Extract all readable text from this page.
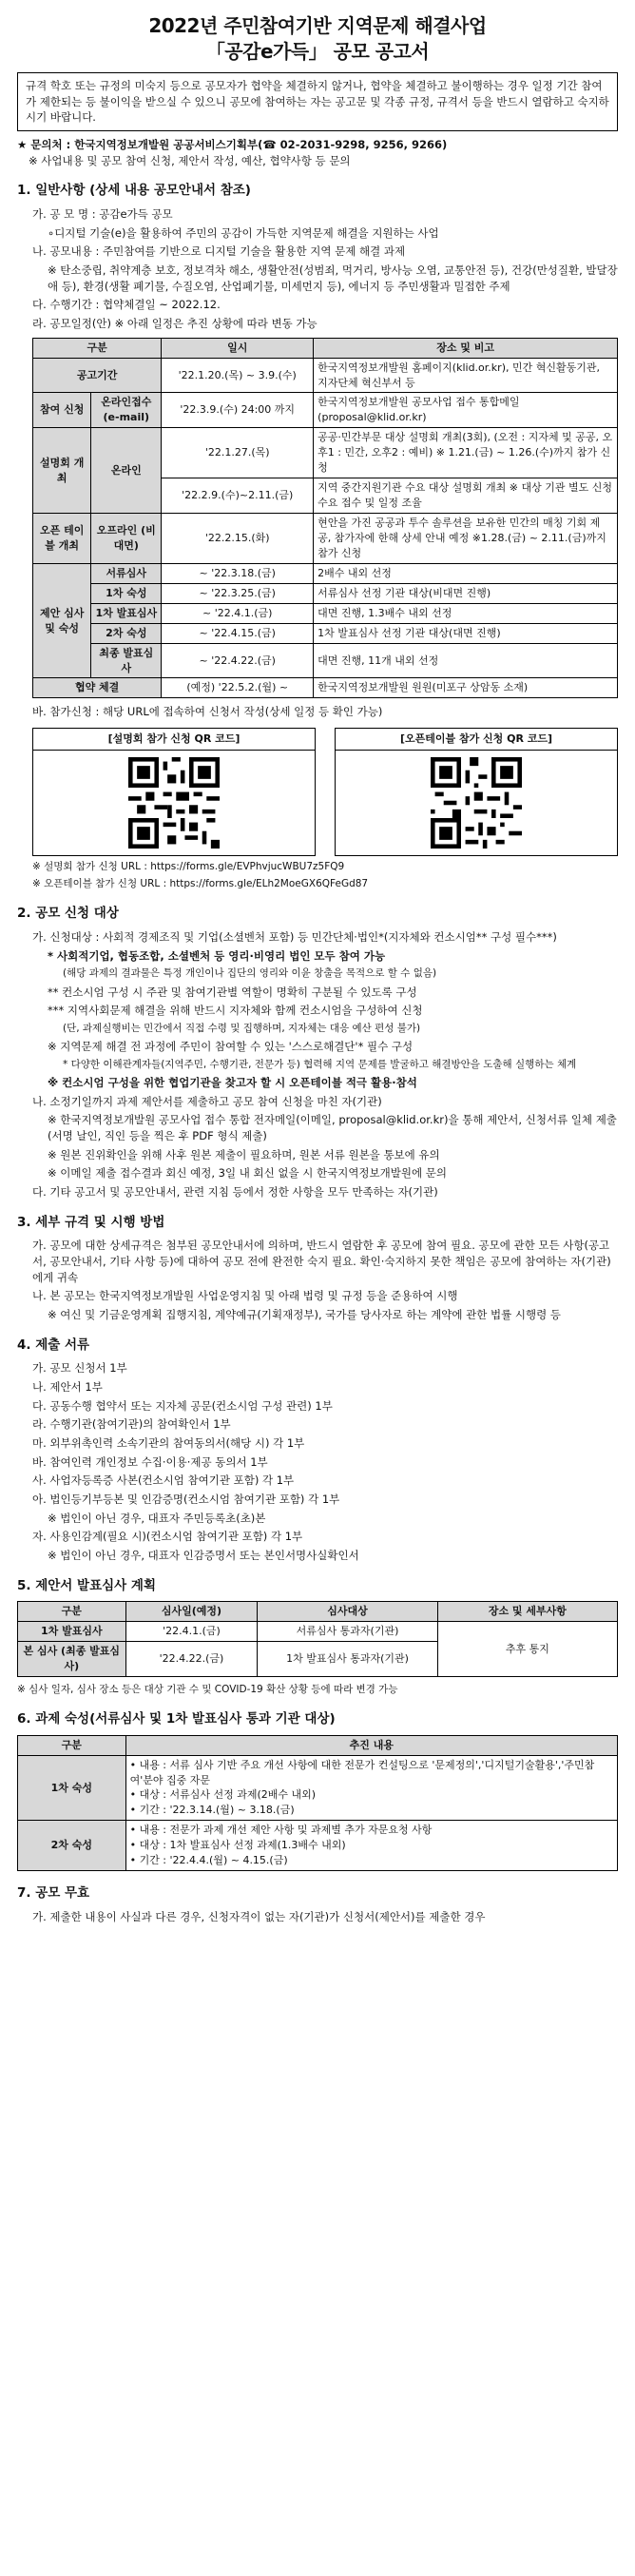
2022년 주민참여기반 지역문제 해결사업
「공감e가득」 공모 공고서
규격 학호 또는 규정의 미숙지 등으로 공모자가 협약을 체결하지 않거나, 협약을 체결하고 불이행하는 경우 일정 기간 참여가 제한되는 등 불이익을 받으실 수 있으니 공모에 참여하는 자는 공고문 및 각종 규정, 규격서 등을 반드시 열람하고 숙지하시기 바랍니다.
★ 문의처 : 한국지역정보개발원 공공서비스기획부(☎ 02-2031-9298, 9256, 9266)
※ 사업내용 및 공모 참여 신청, 제안서 작성, 예산, 협약사항 등 문의
1. 일반사항 (상세 내용 공모안내서 참조)
가. 공 모 명 : 공감e가득 공모
∘디지털 기술(e)을 활용하여 주민의 공감이 가득한 지역문제 해결을 지원하는 사업
나. 공모내용 : 주민참여를 기반으로 디지털 기술을 활용한 지역 문제 해결 과제
※ 탄소중립, 취약계층 보호, 정보격차 해소, 생활안전(성범죄, 먹거리, 방사능 오염, 교통안전 등), 건강(만성질환, 발달장애 등), 환경(생활 폐기물, 수질오염, 산업폐기물, 미세먼지 등), 에너지 등 주민생활과 밀접한 주제
다. 수행기간 : 협약체결일 ~ 2022.12.
라. 공모일정(안) ※ 아래 일정은 추진 상황에 따라 변동 가능
구분		일시	장소 및 비고
공고기간		'22.1.20.(목) ~ 3.9.(수)	한국지역정보개발원 홈페이지(klid.or.kr), 민간 혁신활동기관, 지자단체 혁신부서 등
참여 신청	온라인접수 (e-mail)	'22.3.9.(수) 24:00 까지	한국지역정보개발원 공모사업 접수 통합메일(proposal@klid.or.kr)
설명회 개최	온라인	'22.1.27.(목)	공공·민간부문 대상 설명회 개최(3회), (오전 : 지자체 및 공공, 오후1 : 민간, 오후2 : 예비) ※ 1.21.(금) ~ 1.26.(수)까지 참가 신청
		'22.2.9.(수)~2.11.(금)	지역 중간지원기관 수요 대상 설명회 개최 ※ 대상 기관 별도 신청 수요 접수 및 일정 조율
오픈 테이블 개최	오프라인 (비대면)	'22.2.15.(화)	현안을 가진 공공과 투수 솔루션을 보유한 민간의 매칭 기회 제공, 참가자에 한해 상세 안내 예정 ※1.28.(금) ~ 2.11.(금)까지 참가 신청
제안 심사 및 숙성	서류심사	~ '22.3.18.(금)	2배수 내외 선정
	1차 숙성	~ '22.3.25.(금)	서류심사 선정 기관 대상(비대면 진행)
	1차 발표심사	~ '22.4.1.(금)	대면 진행, 1.3배수 내외 선정
	2차 숙성	~ '22.4.15.(금)	1차 발표심사 선정 기관 대상(대면 진행)
	최종 발표심사	~ '22.4.22.(금)	대면 진행, 11개 내외 선정
협약 체결		(예정) '22.5.2.(월) ~	한국지역정보개발원 원원(미포구 상암동 소재)
바. 참가신청 : 해당 URL에 접속하여 신청서 작성(상세 일정 등 확인 가능)
[설명회 참가 신청 QR 코드]	[오픈테이블 참가 신청 QR 코드]
※ 설명회 참가 신청 URL : https://forms.gle/EVPhvjucWBU7z5FQ9
※ 오픈테이블 참가 신청 URL : https://forms.gle/ELh2MoeGX6QFeGd87
2. 공모 신청 대상
가. 신청대상 : 사회적 경제조직 및 기업(소셜벤처 포함) 등 민간단체·법인*(지자체와 컨소시엄** 구성 필수***)
* 사회적기업, 협동조합, 소셜벤처 등 영리·비영리 법인 모두 참여 가능
(해당 과제의 결과물은 특정 개인이나 집단의 영리와 이윤 창출을 목적으로 할 수 없음)
** 컨소시엄 구성 시 주관 및 참여기관별 역할이 명확히 구분될 수 있도록 구성
*** 지역사회문제 해결을 위해 반드시 지자체와 함께 컨소시엄을 구성하여 신청
(단, 과제실행비는 민간에서 직접 수령 및 집행하며, 지자체는 대응 예산 편성 불가)
※ 지역문제 해결 전 과정에 주민이 참여할 수 있는 '스스로해결단'* 필수 구성
* 다양한 이해관계자들(지역주민, 수행기관, 전문가 등) 협력해 지역 문제를 발굴하고 해결방안을 도출해 실행하는 체계
※ 컨소시엄 구성을 위한 협업기관을 찾고자 할 시 오픈테이블 적극 활용·참석
나. 소정기일까지 과제 제안서를 제출하고 공모 참여 신청을 마친 자(기관)
※ 한국지역정보개발원 공모사업 접수 통합 전자메일(이메일, proposal@klid.or.kr)을 통해 제안서, 신청서류 일체 제출(서명 날인, 직인 등을 찍은 후 PDF 형식 제출)
※ 원본 진위확인을 위해 사후 원본 제출이 필요하며, 원본 서류 원본을 통보에 유의
※ 이메일 제출 접수결과 회신 예정, 3일 내 회신 없을 시 한국지역정보개발원에 문의
다. 기타 공고서 및 공모안내서, 관련 지침 등에서 정한 사항을 모두 만족하는 자(기관)
3. 세부 규격 및 시행 방법
가. 공모에 대한 상세규격은 첨부된 공모안내서에 의하며, 반드시 열람한 후 공모에 참여 필요. 공모에 관한 모든 사항(공고서, 공모안내서, 기타 사항 등)에 대하여 공모 전에 완전한 숙지 필요. 확인·숙지하지 못한 책임은 공모에 참여하는 자(기관)에게 귀속
나. 본 공모는 한국지역정보개발원 사업운영지침 및 아래 법령 및 규정 등을 준용하여 시행
※ 여신 및 기금운영계획 집행지침, 계약예규(기획재정부), 국가를 당사자로 하는 계약에 관한 법률 시행령 등
4. 제출 서류
가. 공모 신청서 1부
나. 제안서 1부
다. 공동수행 협약서 또는 지자체 공문(컨소시엄 구성 관련) 1부
라. 수행기관(참여기관)의 참여확인서 1부
마. 외부위촉인력 소속기관의 참여동의서(해당 시) 각 1부
바. 참여인력 개인정보 수집·이용·제공 동의서 1부
사. 사업자등록증 사본(컨소시엄 참여기관 포함) 각 1부
아. 법인등기부등본 및 인감증명(컨소시엄 참여기관 포함) 각 1부
※ 법인이 아닌 경우, 대표자 주민등록초(초)본
자. 사용인감계(필요 시)(컨소시엄 참여기관 포함) 각 1부
※ 법인이 아닌 경우, 대표자 인감증명서 또는 본인서명사실확인서
5. 제안서 발표심사 계획
구분	심사일(예정)	심사대상	장소 및 세부사항
1차 발표심사	'22.4.1.(금)	서류심사 통과자(기관)	추후 통지
본 심사 (최종 발표심사)	'22.4.22.(금)	1차 발표심사 통과자(기관)	
※ 심사 일자, 심사 장소 등은 대상 기관 수 및 COVID-19 확산 상황 등에 따라 변경 가능
6. 과제 숙성(서류심사 및 1차 발표심사 통과 기관 대상)
구분	추진 내용
1차 숙성	• 내용 : 서류 심사 기반 주요 개선 사항에 대한 전문가 컨설팅으로 '문제정의','디지털기술활용','주민참여'분야 집중 자문
• 대상 : 서류심사 선정 과제(2배수 내외)
• 기간 : '22.3.14.(월) ~ 3.18.(금)

2차 숙성	• 내용 : 전문가 과제 개선 제안 사항 및 과제별 추가 자문요청 사항
• 대상 : 1차 발표심사 선정 과제(1.3배수 내외)
• 기간 : '22.4.4.(월) ~ 4.15.(금)
7. 공모 무효
가. 제출한 내용이 사실과 다른 경우, 신청자격이 없는 자(기관)가 신청서(제안서)를 제출한 경우
